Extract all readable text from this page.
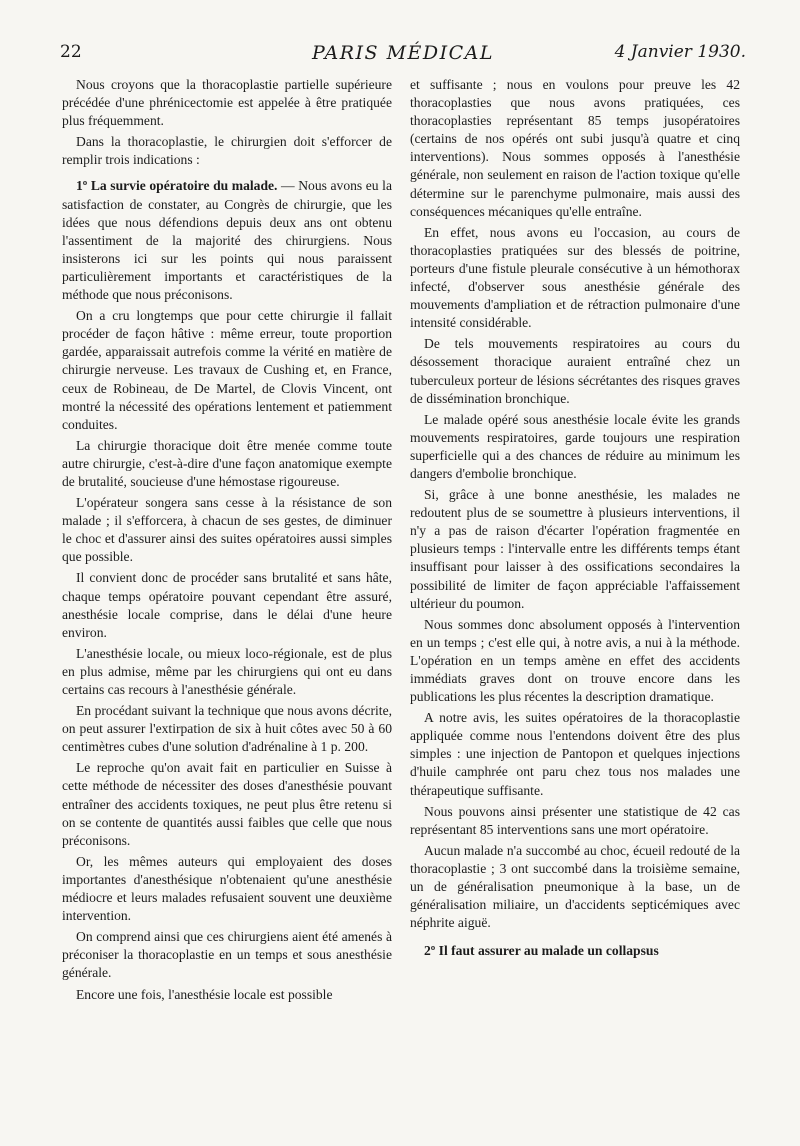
22	PARIS MÉDICAL	4 Janvier 1930.

Nous croyons que la thoracoplastie partielle supérieure précédée d'une phrénicectomie est appelée à être pratiquée plus fréquemment.

Dans la thoracoplastie, le chirurgien doit s'efforcer de remplir trois indications :

1º La survie opératoire du malade. — Nous avons eu la satisfaction de constater, au Congrès de chirurgie, que les idées que nous défendions depuis deux ans ont obtenu l'assentiment de la majorité des chirurgiens. Nous insisterons ici sur les points qui nous paraissent particulièrement importants et caractéristiques de la méthode que nous préconisons.

On a cru longtemps que pour cette chirurgie il fallait procéder de façon hâtive : même erreur, toute proportion gardée, apparaissait autrefois comme la vérité en matière de chirurgie nerveuse. Les travaux de Cushing et, en France, ceux de Robineau, de De Martel, de Clovis Vincent, ont montré la nécessité des opérations lentement et patiemment conduites.

La chirurgie thoracique doit être menée comme toute autre chirurgie, c'est-à-dire d'une façon anatomique exempte de brutalité, soucieuse d'une hémostase rigoureuse.

L'opérateur songera sans cesse à la résistance de son malade ; il s'efforcera, à chacun de ses gestes, de diminuer le choc et d'assurer ainsi des suites opératoires aussi simples que possible.

Il convient donc de procéder sans brutalité et sans hâte, chaque temps opératoire pouvant cependant être assuré, anesthésie locale comprise, dans le délai d'une heure environ.

L'anesthésie locale, ou mieux loco-régionale, est de plus en plus admise, même par les chirurgiens qui ont eu dans certains cas recours à l'anesthésie générale.

En procédant suivant la technique que nous avons décrite, on peut assurer l'extirpation de six à huit côtes avec 50 à 60 centimètres cubes d'une solution d'adrénaline à 1 p. 200.

Le reproche qu'on avait fait en particulier en Suisse à cette méthode de nécessiter des doses d'anesthésie pouvant entraîner des accidents toxiques, ne peut plus être retenu si on se contente de quantités aussi faibles que celle que nous préconisons.

Or, les mêmes auteurs qui employaient des doses importantes d'anesthésique n'obtenaient qu'une anesthésie médiocre et leurs malades refusaient souvent une deuxième intervention.

On comprend ainsi que ces chirurgiens aient été amenés à préconiser la thoracoplastie en un temps et sous anesthésie générale.

Encore une fois, l'anesthésie locale est possible

et suffisante ; nous en voulons pour preuve les 42 thoracoplasties que nous avons pratiquées, ces thoracoplasties représentant 85 temps jusopératoires (certains de nos opérés ont subi jusqu'à quatre et cinq interventions). Nous sommes opposés à l'anesthésie générale, non seulement en raison de l'action toxique qu'elle détermine sur le parenchyme pulmonaire, mais aussi des conséquences mécaniques qu'elle entraîne.

En effet, nous avons eu l'occasion, au cours de thoracoplasties pratiquées sur des blessés de poitrine, porteurs d'une fistule pleurale consécutive à un hémothorax infecté, d'observer sous anesthésie générale des mouvements d'ampliation et de rétraction pulmonaire d'une intensité considérable.

De tels mouvements respiratoires au cours du désossement thoracique auraient entraîné chez un tuberculeux porteur de lésions sécrétantes des risques graves de dissémination bronchique.

Le malade opéré sous anesthésie locale évite les grands mouvements respiratoires, garde toujours une respiration superficielle qui a des chances de réduire au minimum les dangers d'embolie bronchique.

Si, grâce à une bonne anesthésie, les malades ne redoutent plus de se soumettre à plusieurs interventions, il n'y a pas de raison d'écarter l'opération fragmentée en plusieurs temps : l'intervalle entre les différents temps étant insuffisant pour laisser à des ossifications secondaires la possibilité de limiter de façon appréciable l'affaissement ultérieur du poumon.

Nous sommes donc absolument opposés à l'intervention en un temps ; c'est elle qui, à notre avis, a nui à la méthode. L'opération en un temps amène en effet des accidents immédiats graves dont on trouve encore dans les publications les plus récentes la description dramatique.

A notre avis, les suites opératoires de la thoracoplastie appliquée comme nous l'entendons doivent être des plus simples : une injection de Pantopon et quelques injections d'huile camphrée ont paru chez tous nos malades une thérapeutique suffisante.

Nous pouvons ainsi présenter une statistique de 42 cas représentant 85 interventions sans une mort opératoire.

Aucun malade n'a succombé au choc, écueil redouté de la thoracoplastie ; 3 ont succombé dans la troisième semaine, un de généralisation pneumonique à la base, un de généralisation miliaire, un d'accidents septicémiques avec néphrite aiguë.

2º Il faut assurer au malade un collapsus
